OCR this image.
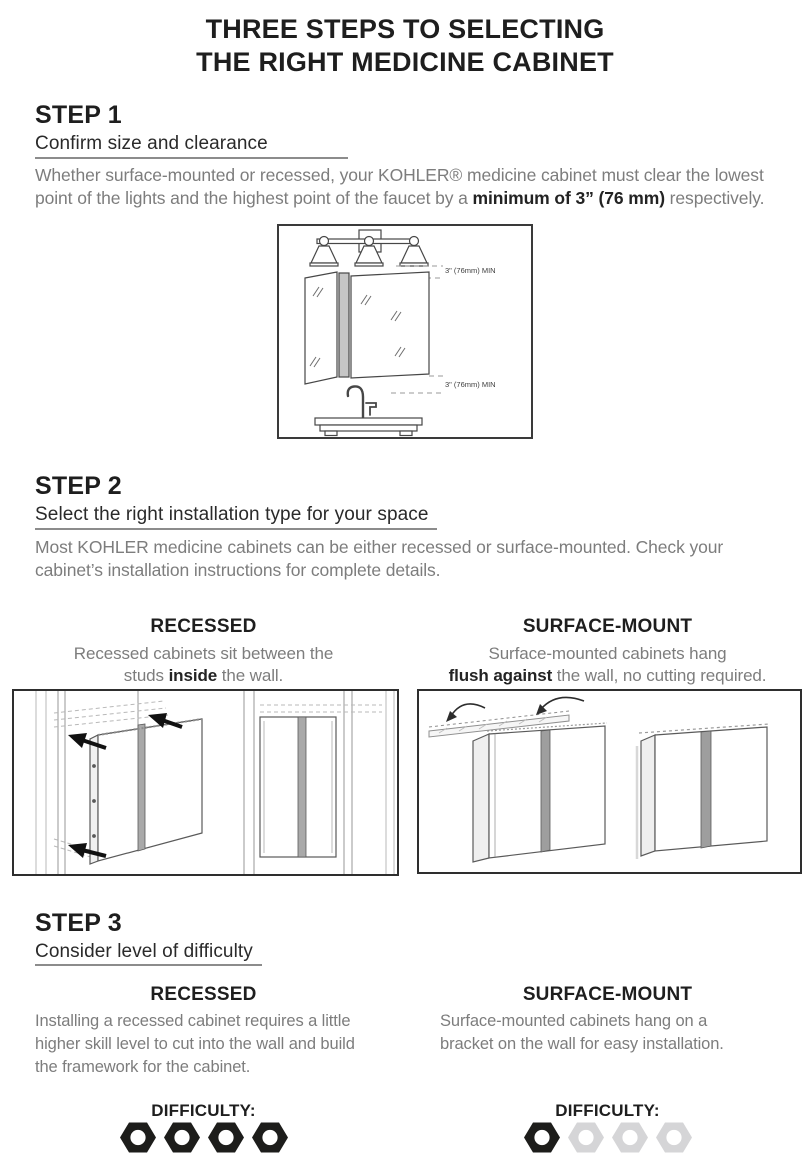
THREE STEPS TO SELECTING
THE RIGHT MEDICINE CABINET
STEP 1
Confirm size and clearance
Whether surface-mounted or recessed, your KOHLER® medicine cabinet must clear the lowest
point of the lights and the highest point of the faucet by a minimum of 3” (76 mm) respectively.
3" (76mm) MIN
3" (76mm) MIN
STEP 2
Select the right installation type for your space
Most KOHLER medicine cabinets can be either recessed or surface-mounted. Check your
cabinet’s installation instructions for complete details.
RECESSED
Recessed cabinets sit between the
studs inside the wall.
SURFACE-MOUNT
Surface-mounted cabinets hang
flush against the wall, no cutting required.
STEP 3
Consider level of difficulty
RECESSED
Installing a recessed cabinet requires a little
higher skill level to cut into the wall and build
the framework for the cabinet.
SURFACE-MOUNT
Surface-mounted cabinets hang on a
bracket on the wall for easy installation.
DIFFICULTY:	DIFFICULTY:
